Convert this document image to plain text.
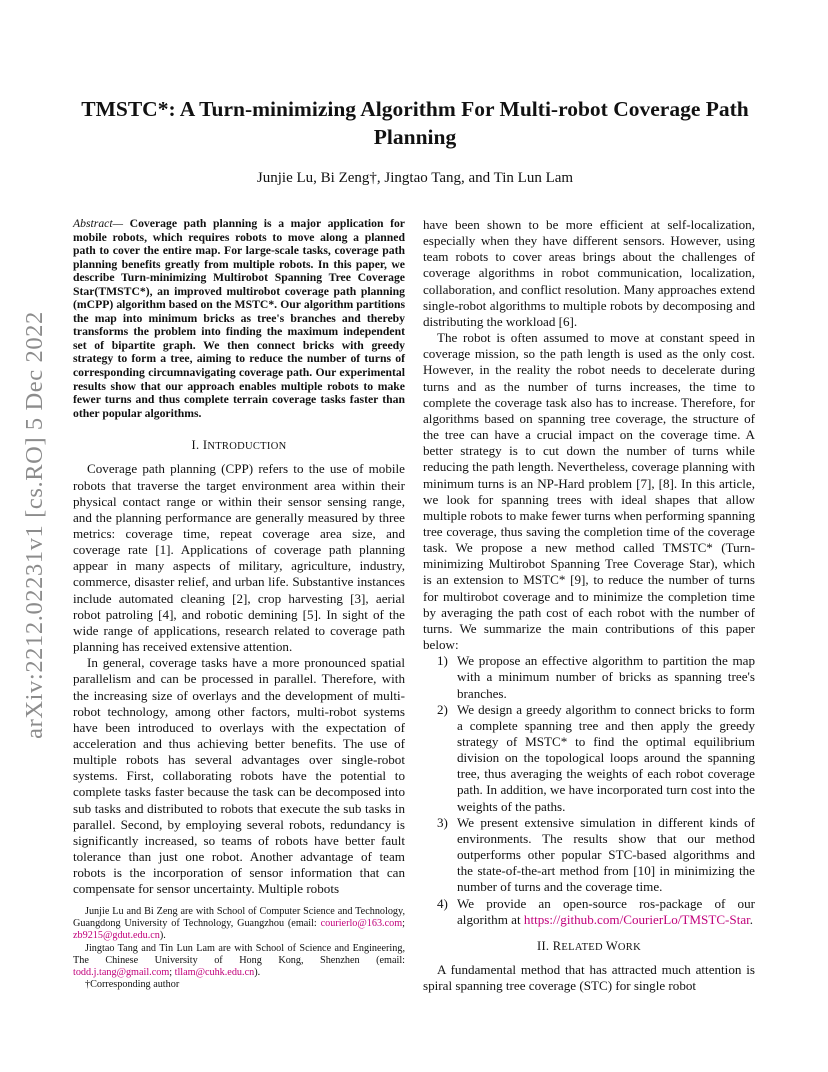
arXiv:2212.02231v1 [cs.RO] 5 Dec 2022
TMSTC*: A Turn-minimizing Algorithm For Multi-robot Coverage Path Planning
Junjie Lu, Bi Zeng†, Jingtao Tang, and Tin Lun Lam
Abstract— Coverage path planning is a major application for mobile robots, which requires robots to move along a planned path to cover the entire map. For large-scale tasks, coverage path planning benefits greatly from multiple robots. In this paper, we describe Turn-minimizing Multirobot Spanning Tree Coverage Star(TMSTC*), an improved multirobot coverage path planning (mCPP) algorithm based on the MSTC*. Our algorithm partitions the map into minimum bricks as tree's branches and thereby transforms the problem into finding the maximum independent set of bipartite graph. We then connect bricks with greedy strategy to form a tree, aiming to reduce the number of turns of corresponding circumnavigating coverage path. Our experimental results show that our approach enables multiple robots to make fewer turns and thus complete terrain coverage tasks faster than other popular algorithms.
I. INTRODUCTION

Coverage path planning (CPP) refers to the use of mobile robots that traverse the target environment area within their physical contact range or within their sensor sensing range, and the planning performance are generally measured by three metrics: coverage time, repeat coverage area size, and coverage rate [1]. Applications of coverage path planning appear in many aspects of military, agriculture, industry, commerce, disaster relief, and urban life. Substantive instances include automated cleaning [2], crop harvesting [3], aerial robot patroling [4], and robotic demining [5]. In sight of the wide range of applications, research related to coverage path planning has received extensive attention.

In general, coverage tasks have a more pronounced spatial parallelism and can be processed in parallel. Therefore, with the increasing size of overlays and the development of multi-robot technology, among other factors, multi-robot systems have been introduced to overlays with the expectation of acceleration and thus achieving better benefits. The use of multiple robots has several advantages over single-robot systems. First, collaborating robots have the potential to complete tasks faster because the task can be decomposed into sub tasks and distributed to robots that execute the sub tasks in parallel. Second, by employing several robots, redundancy is significantly increased, so teams of robots have better fault tolerance than just one robot. Another advantage of team robots is the incorporation of sensor information that can compensate for sensor uncertainty. Multiple robots

Junjie Lu and Bi Zeng are with School of Computer Science and Technology, Guangdong University of Technology, Guangzhou (email: courierlo@163.com; zb9215@gdut.edu.cn).

Jingtao Tang and Tin Lun Lam are with School of Science and Engineering, The Chinese University of Hong Kong, Shenzhen (email: todd.j.tang@gmail.com; tllam@cuhk.edu.cn).

†Corresponding author

have been shown to be more efficient at self-localization, especially when they have different sensors. However, using team robots to cover areas brings about the challenges of coverage algorithms in robot communication, localization, collaboration, and conflict resolution. Many approaches extend single-robot algorithms to multiple robots by decomposing and distributing the workload [6].

The robot is often assumed to move at constant speed in coverage mission, so the path length is used as the only cost. However, in the reality the robot needs to decelerate during turns and as the number of turns increases, the time to complete the coverage task also has to increase. Therefore, for algorithms based on spanning tree coverage, the structure of the tree can have a crucial impact on the coverage time. A better strategy is to cut down the number of turns while reducing the path length. Nevertheless, coverage planning with minimum turns is an NP-Hard problem [7], [8]. In this article, we look for spanning trees with ideal shapes that allow multiple robots to make fewer turns when performing spanning tree coverage, thus saving the completion time of the coverage task. We propose a new method called TMSTC* (Turn-minimizing Multirobot Spanning Tree Coverage Star), which is an extension to MSTC* [9], to reduce the number of turns for multirobot coverage and to minimize the completion time by averaging the path cost of each robot with the number of turns. We summarize the main contributions of this paper below:

1) We propose an effective algorithm to partition the map with a minimum number of bricks as spanning tree's branches.
2) We design a greedy algorithm to connect bricks to form a complete spanning tree and then apply the greedy strategy of MSTC* to find the optimal equilibrium division on the topological loops around the spanning tree, thus averaging the weights of each robot coverage path. In addition, we have incorporated turn cost into the weights of the paths.
3) We present extensive simulation in different kinds of environments. The results show that our method outperforms other popular STC-based algorithms and the state-of-the-art method from [10] in minimizing the number of turns and the coverage time.
4) We provide an open-source ros-package of our algorithm at https://github.com/CourierLo/TMSTC-Star.
II. RELATED WORK

A fundamental method that has attracted much attention is spiral spanning tree coverage (STC) for single robot
